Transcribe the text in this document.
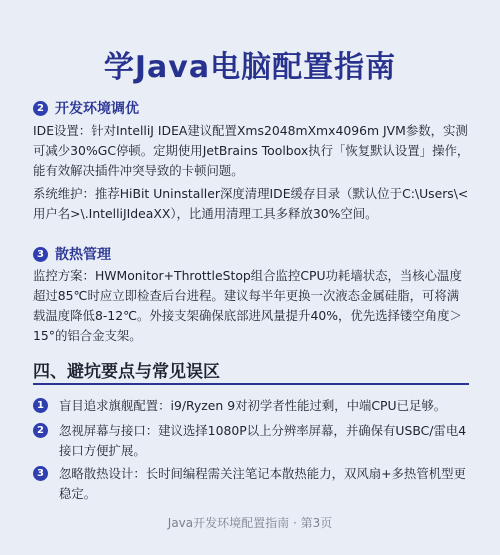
学Java电脑配置指南
2 开发环境调优
IDE设置：针对IntelliJ IDEA建议配置Xms2048mXmx4096m JVM参数，实测可减少30%GC停顿。定期使用JetBrains Toolbox执行「恢复默认设置」操作，能有效解决插件冲突导致的卡顿问题。
系统维护：推荐HiBit Uninstaller深度清理IDE缓存目录（默认位于C:\Users\<用户名>\.IntelliJIdeaXX），比通用清理工具多释放30%空间。
3 散热管理
监控方案：HWMonitor+ThrottleStop组合监控CPU功耗墙状态，当核心温度超过85℃时应立即检查后台进程。建议每半年更换一次液态金属硅脂，可将满载温度降低8-12℃。外接支架确保底部进风量提升40%，优先选择镂空角度＞15°的铝合金支架。
四、避坑要点与常见误区
1	盲目追求旗舰配置：i9/Ryzen 9对初学者性能过剩，中端CPU已足够。
2	忽视屏幕与接口：建议选择1080P以上分辨率屏幕，并确保有USBC/雷电4接口方便扩展。
3	忽略散热设计：长时间编程需关注笔记本散热能力，双风扇+多热管机型更稳定。
Java开发环境配置指南 · 第3页
